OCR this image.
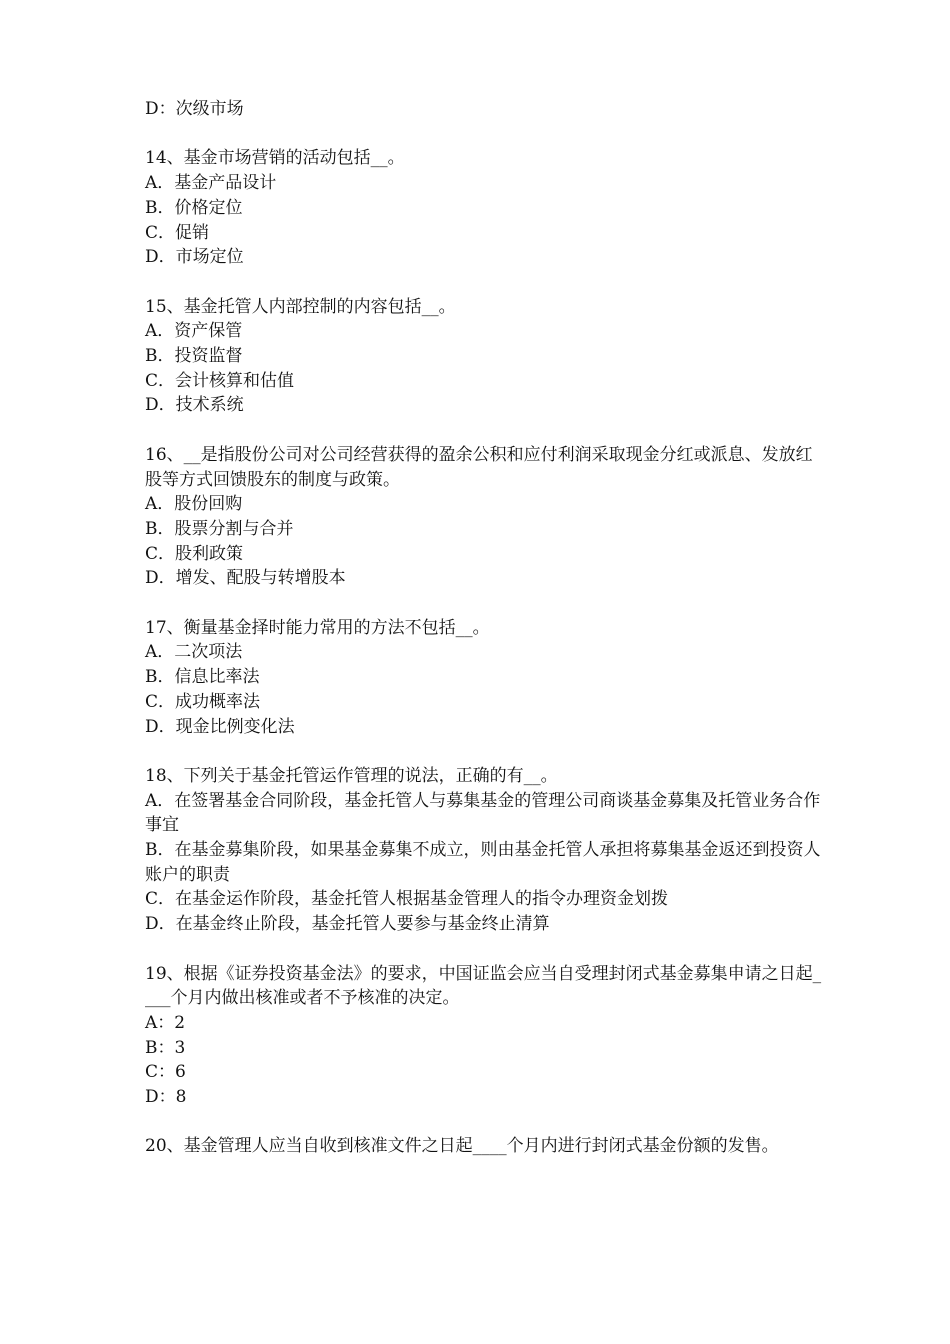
D：次级市场

14、基金市场营销的活动包括__。

A．基金产品设计

B．价格定位

C．促销

D．市场定位

15、基金托管人内部控制的内容包括__。

A．资产保管

B．投资监督

C．会计核算和估值

D．技术系统

16、__是指股份公司对公司经营获得的盈余公积和应付利润采取现金分红或派息、发放红股等方式回馈股东的制度与政策。

A．股份回购

B．股票分割与合并

C．股利政策

D．增发、配股与转增股本

17、衡量基金择时能力常用的方法不包括__。

A．二次项法

B．信息比率法

C．成功概率法

D．现金比例变化法

18、下列关于基金托管运作管理的说法，正确的有__。

A．在签署基金合同阶段，基金托管人与募集基金的管理公司商谈基金募集及托管业务合作事宜

B．在基金募集阶段，如果基金募集不成立，则由基金托管人承担将募集基金返还到投资人账户的职责

C．在基金运作阶段，基金托管人根据基金管理人的指令办理资金划拨

D．在基金终止阶段，基金托管人要参与基金终止清算

19、根据《证券投资基金法》的要求，中国证监会应当自受理封闭式基金募集申请之日起____个月内做出核准或者不予核准的决定。

A：2

B：3

C：6

D：8

20、基金管理人应当自收到核准文件之日起____个月内进行封闭式基金份额的发售。
